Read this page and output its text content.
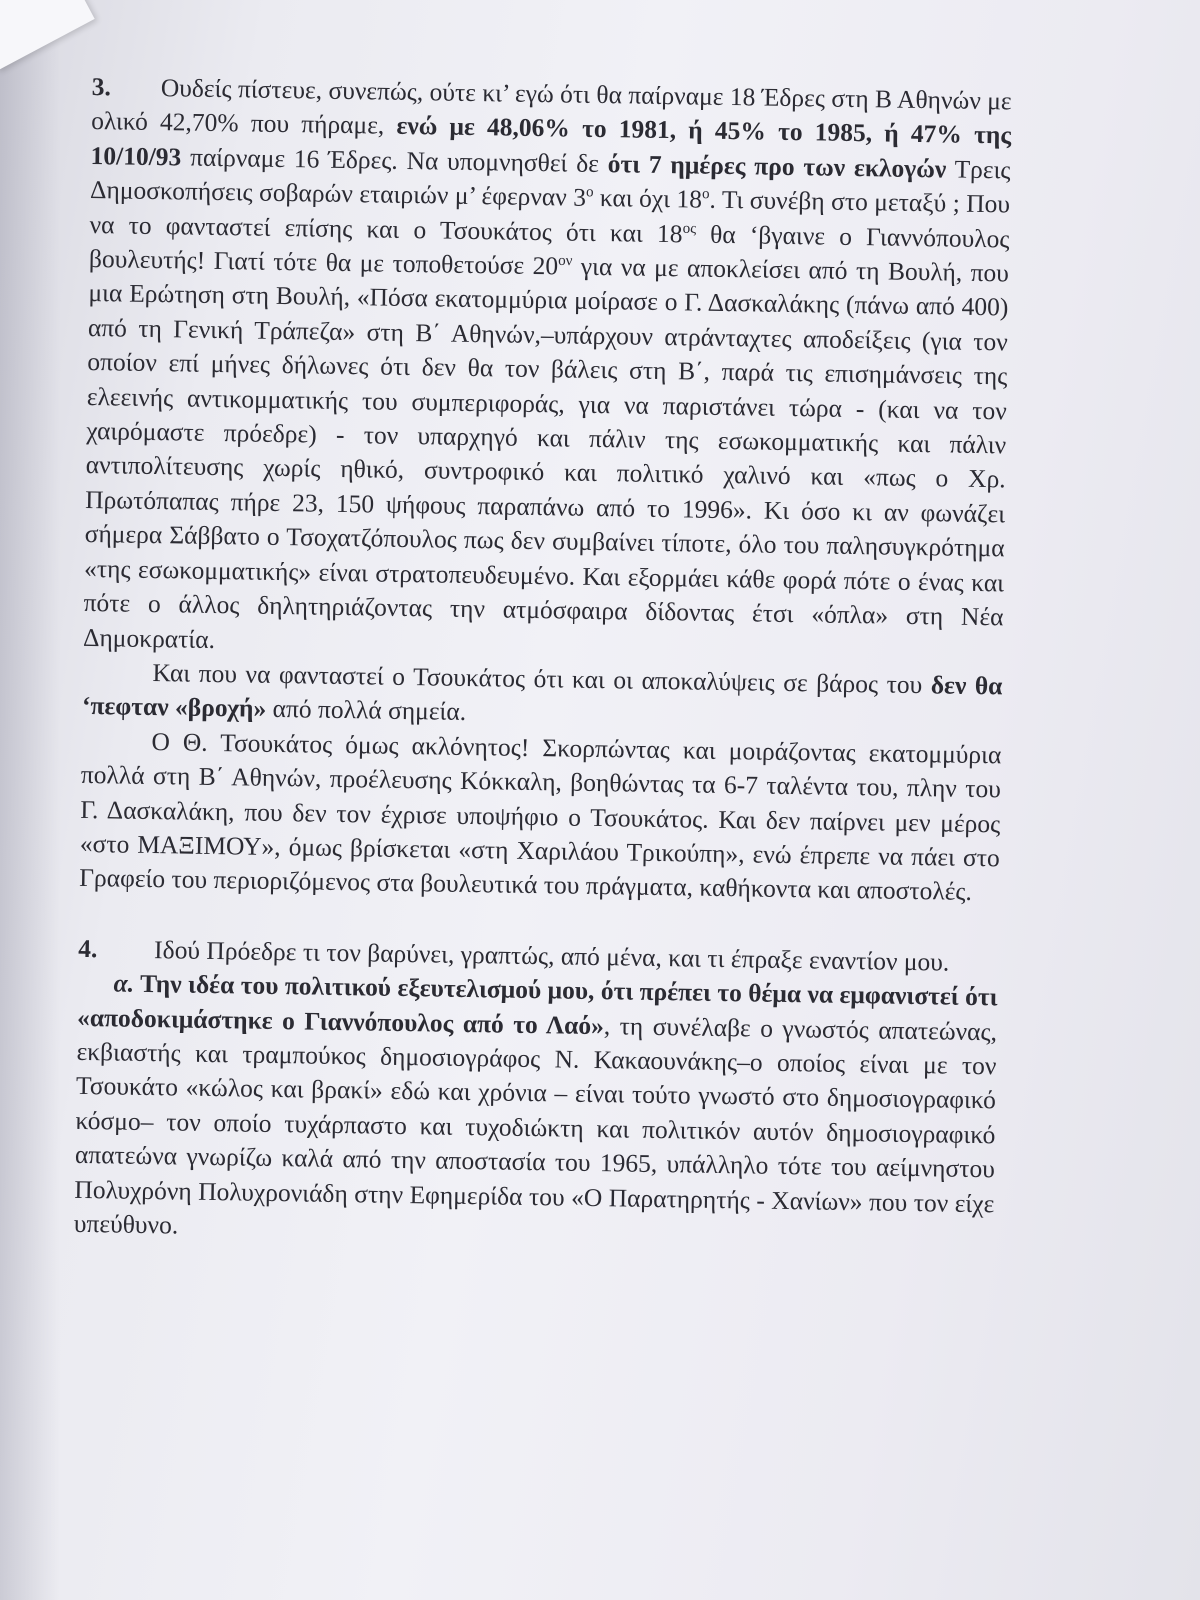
3. Ουδείς πίστευε, συνεπώς, ούτε κι’ εγώ ότι θα παίρναμε 18 Έδρες στη Β Αθηνών με ολικό 42,70% που πήραμε, ενώ με 48,06% το 1981, ή 45% το 1985, ή 47% της 10/10/93 παίρναμε 16 Έδρες. Να υπομνησθεί δε ότι 7 ημέρες προ των εκλογών Τρεις Δημοσκοπήσεις σοβαρών εταιριών μ’ έφερναν $3^o$ και όχι $18^o$. Τι συνέβη στο μεταξύ ; Που να το φανταστεί επίσης και ο Τσουκάτος ότι και $18^{o\varsigma}$ θα ‘βγαινε ο Γιαννόπουλος βουλευτής! Γιατί τότε θα με τοποθετούσε $20^{o\nu}$ για να με αποκλείσει από τη Βουλή, που μια Ερώτηση στη Βουλή, «Πόσα εκατομμύρια μοίρασε ο Γ. Δασκαλάκης (πάνω από 400) από τη Γενική Τράπεζα» στη Β΄ Αθηνών,–υπάρχουν ατράνταχτες αποδείξεις (για τον οποίον επί μήνες δήλωνες ότι δεν θα τον βάλεις στη Β΄, παρά τις επισημάνσεις της ελεεινής αντικομματικής του συμπεριφοράς, για να παριστάνει τώρα - (και να τον χαιρόμαστε πρόεδρε) - τον υπαρχηγό και πάλιν της εσωκομματικής και πάλιν αντιπολίτευσης χωρίς ηθικό, συντροφικό και πολιτικό χαλινό και «πως ο Χρ. Πρωτόπαπας πήρε 23, 150 ψήφους παραπάνω από το 1996». Κι όσο κι αν φωνάζει σήμερα Σάββατο ο Τσοχατζόπουλος πως δεν συμβαίνει τίποτε, όλο του παλησυγκρότημα «της εσωκομματικής» είναι στρατοπευδευμένο. Και εξορμάει κάθε φορά πότε ο ένας και πότε ο άλλος δηλητηριάζοντας την ατμόσφαιρα δίδοντας έτσι «όπλα» στη Νέα Δημοκρατία.

Και που να φανταστεί ο Τσουκάτος ότι και οι αποκαλύψεις σε βάρος του δεν θα ‘πεφταν «βροχή» από πολλά σημεία.

Ο Θ. Τσουκάτος όμως ακλόνητος! Σκορπώντας και μοιράζοντας εκατομμύρια πολλά στη Β΄ Αθηνών, προέλευσης Κόκκαλη, βοηθώντας τα 6-7 ταλέντα του, πλην του Γ. Δασκαλάκη, που δεν τον έχρισε υποψήφιο ο Τσουκάτος. Και δεν παίρνει μεν μέρος «στο ΜΑΞΙΜΟΥ», όμως βρίσκεται «στη Χαριλάου Τρικούπη», ενώ έπρεπε να πάει στο Γραφείο του περιοριζόμενος στα βουλευτικά του πράγματα, καθήκοντα και αποστολές.

4. Ιδού Πρόεδρε τι τον βαρύνει, γραπτώς, από μένα, και τι έπραξε εναντίον μου.

α. Την ιδέα του πολιτικού εξευτελισμού μου, ότι πρέπει το θέμα να εμφανιστεί ότι «αποδοκιμάστηκε ο Γιαννόπουλος από το Λαό», τη συνέλαβε ο γνωστός απατεώνας, εκβιαστής και τραμπούκος δημοσιογράφος Ν. Κακαουνάκης–ο οποίος είναι με τον Τσουκάτο «κώλος και βρακί» εδώ και χρόνια – είναι τούτο γνωστό στο δημοσιογραφικό κόσμο– τον οποίο τυχάρπαστο και τυχοδιώκτη και πολιτικόν αυτόν δημοσιογραφικό απατεώνα γνωρίζω καλά από την αποστασία του 1965, υπάλληλο τότε του αείμνηστου Πολυχρόνη Πολυχρονιάδη στην Εφημερίδα του «Ο Παρατηρητής - Χανίων» που τον είχε υπεύθυνο.
